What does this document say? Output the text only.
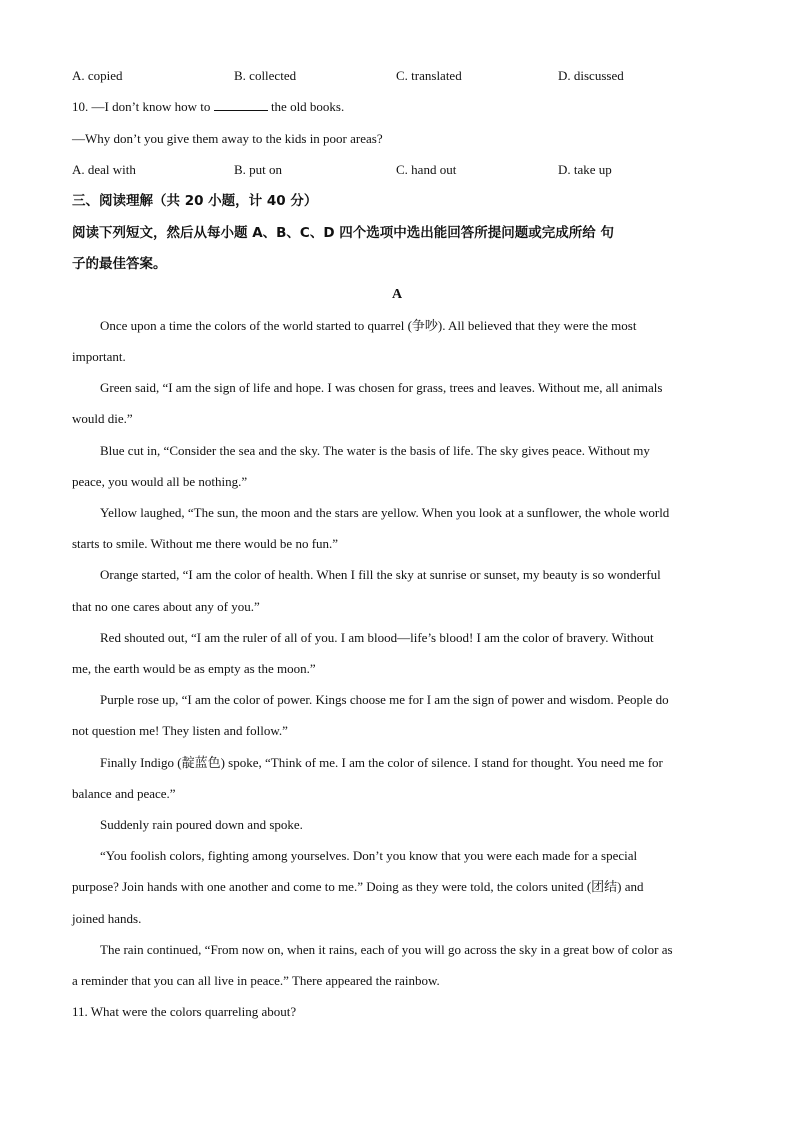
A. copied	B. collected	C. translated	D. discussed
10. —I don’t know how to	the old books.
—Why don’t you give them away to the kids in poor areas?
A. deal with	B. put on	C. hand out	D. take up
三、阅读理解（共 20 小题，计 40 分）
阅读下列短文，然后从每小题 A、B、C、D 四个选项中选出能回答所提问题或完成所给 句
子的最佳答案。
A
Once upon a time the colors of the world started to quarrel (争吵). All believed that they were the most
important.
Green said, “I am the sign of life and hope. I was chosen for grass, trees and leaves. Without me, all animals
would die.”
Blue cut in, “Consider the sea and the sky. The water is the basis of life. The sky gives peace. Without my
peace, you would all be nothing.”
Yellow laughed, “The sun, the moon and the stars are yellow. When you look at a sunflower, the whole world
starts to smile. Without me there would be no fun.”
Orange started, “I am the color of health. When I fill the sky at sunrise or sunset, my beauty is so wonderful
that no one cares about any of you.”
Red shouted out, “I am the ruler of all of you. I am blood—life’s blood! I am the color of bravery. Without
me, the earth would be as empty as the moon.”
Purple rose up, “I am the color of power. Kings choose me for I am the sign of power and wisdom. People do
not question me! They listen and follow.”
Finally Indigo (靛蓝色) spoke, “Think of me. I am the color of silence. I stand for thought. You need me for
balance and peace.”
Suddenly rain poured down and spoke.
“You foolish colors, fighting among yourselves. Don’t you know that you were each made for a special
purpose? Join hands with one another and come to me.” Doing as they were told, the colors united (团结) and
joined hands.
The rain continued, “From now on, when it rains, each of you will go across the sky in a great bow of color as
a reminder that you can all live in peace.” There appeared the rainbow.
11. What were the colors quarreling about?
